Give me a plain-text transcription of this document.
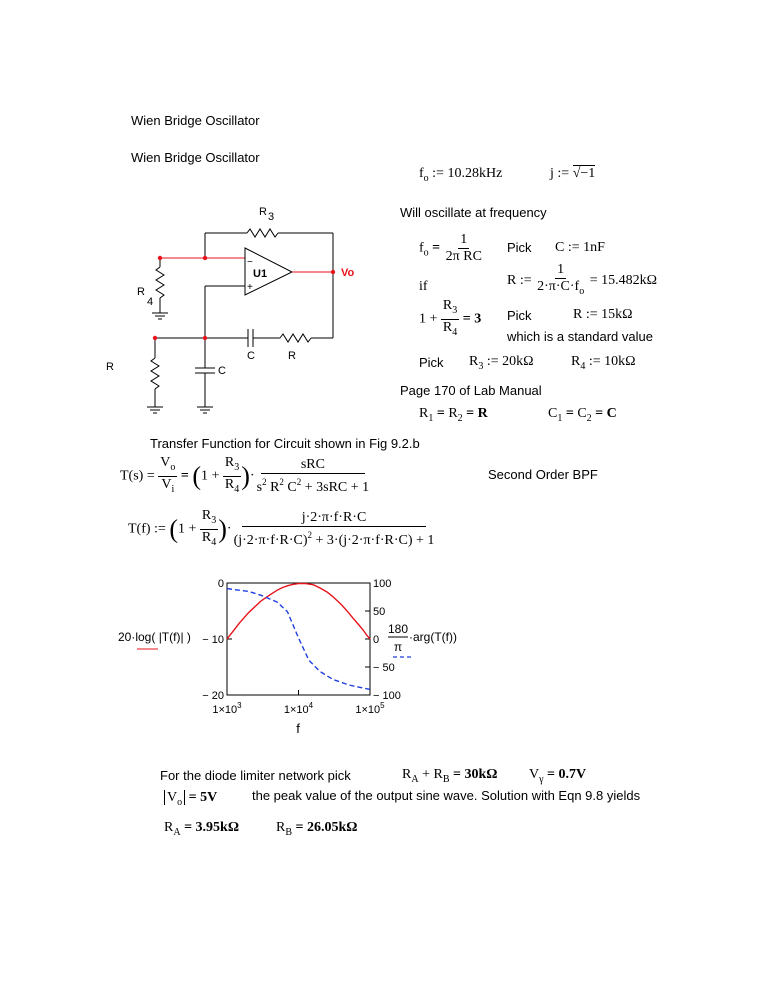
Wien Bridge Oscillator
Wien Bridge Oscillator
$f_o$ := 10.28kHz	j := √−1
Will oscillate at frequency
R 3
U1
−
+
Vo
R
4
C	R
R	C
$f_o = \frac{1}{\text{2π RC}}$ Pick C := 1nF
R := $\frac{1}{2\cdot\pi\cdot C\cdot f_o} = 15.482k\Omega$
if
$1 + \frac{R_3}{R_4} = 3$ Pick	R := 15kΩ
which is a standard value
Pick $R_3$ := 20kΩ	$R_4$ := 10kΩ
Page 170 of Lab Manual
$R_1 = R_2 = R$	$C_1 = C_2 = C$
Transfer Function for Circuit shown in Fig 9.2.b
$T(s) = \frac{V_o}{V_i} = (1 + \frac{R_3}{R_4}$ )· $\frac{\text{sRC}}{s^2 R^2 C^2 + 3sRC + 1}$	Second Order BPF
T(f) := ($1 + \frac{R_3}{R_4}$ )· $\frac{j\cdot 2\cdot\pi\cdot f\cdot R\cdot C}{(j\cdot 2\cdot\pi\cdot f\cdot R\cdot C)^2 + 3\cdot(j\cdot 2\cdot\pi\cdot f\cdot R\cdot C) + 1}$
0
− 10
− 20
100
50
0
− 50
− 100
$1\times 10^3$	$1\times 10^4$	$1\times 10^5$
20·log( |T(f)| )
180
π
·arg(T(f))
f
For the diode limiter network pick	$R_A + R_B = 30k\Omega$ $V_\gamma = 0.7V$
$V_o = 5V$	the peak value of the output sine wave. Solution with Eqn 9.8 yields
$R_A = 3.95k\Omega$	$R_B = 26.05k\Omega$
